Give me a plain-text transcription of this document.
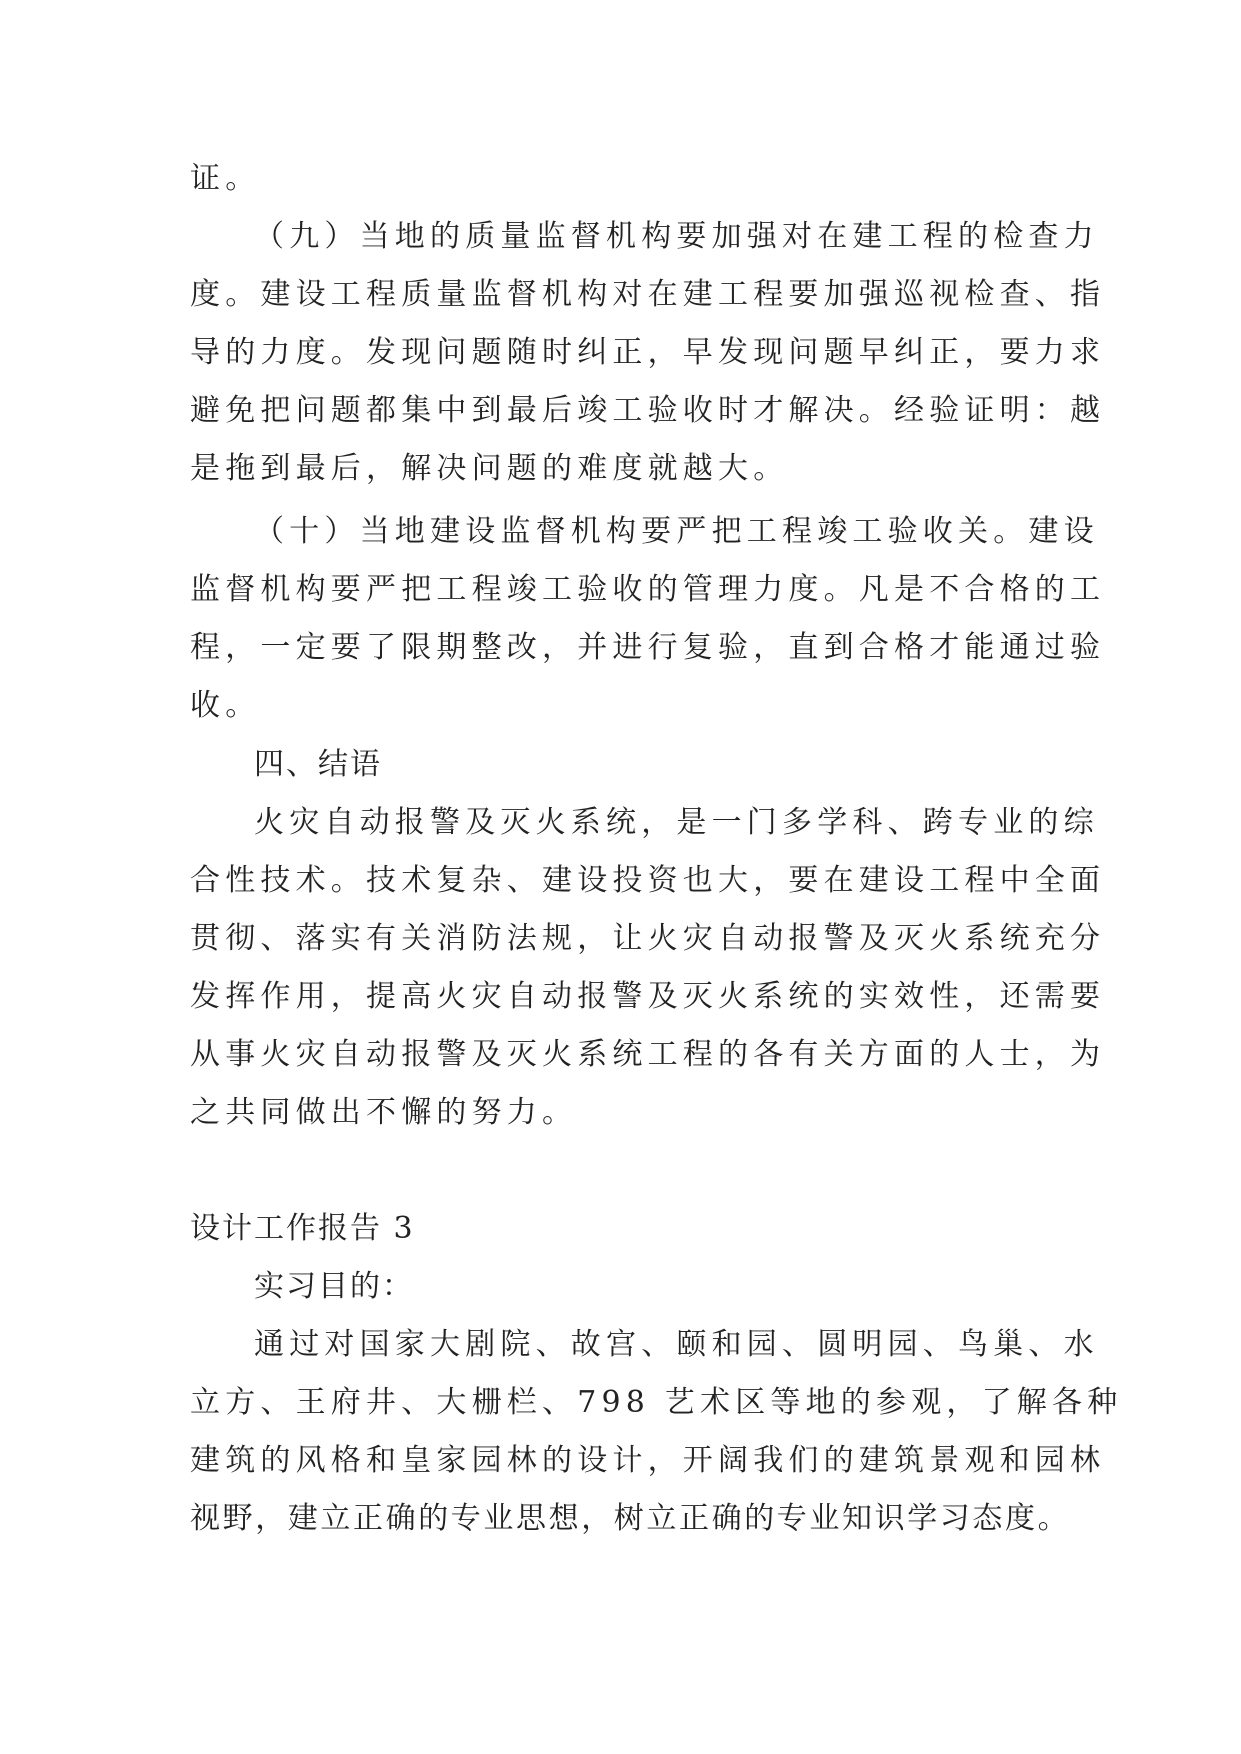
证。
（九）当地的质量监督机构要加强对在建工程的检查力
度。建设工程质量监督机构对在建工程要加强巡视检查、指
导的力度。发现问题随时纠正，早发现问题早纠正，要力求
避免把问题都集中到最后竣工验收时才解决。经验证明：越
是拖到最后，解决问题的难度就越大。
（十）当地建设监督机构要严把工程竣工验收关。建设
监督机构要严把工程竣工验收的管理力度。凡是不合格的工
程，一定要了限期整改，并进行复验，直到合格才能通过验
收。
四、结语
火灾自动报警及灭火系统，是一门多学科、跨专业的综
合性技术。技术复杂、建设投资也大，要在建设工程中全面
贯彻、落实有关消防法规，让火灾自动报警及灭火系统充分
发挥作用，提高火灾自动报警及灭火系统的实效性，还需要
从事火灾自动报警及灭火系统工程的各有关方面的人士，为
之共同做出不懈的努力。
设计工作报告 3
实习目的：
通过对国家大剧院、故宫、颐和园、圆明园、鸟巢、水
立方、王府井、大栅栏、798 艺术区等地的参观，了解各种
建筑的风格和皇家园林的设计，开阔我们的建筑景观和园林
视野，建立正确的专业思想，树立正确的专业知识学习态度。
